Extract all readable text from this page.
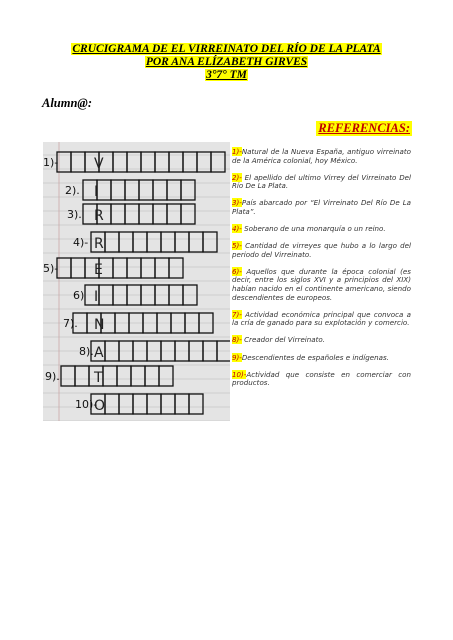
CRUCIGRAMA DE EL VIRREINATO DEL RÍO DE LA PLATA
POR ANA ELÍZABETH GIRVES
3°7° TM
Alumn@:
REFERENCIAS:
1)-
2).
3).
4)-
5)-
6)
7).
8).
9).
10)-
V
I
R
R
E
I
N
A
T
O

1)-Natural de la Nueva España, antiguo virreinato de la América colonial, hoy México.

2)- El apellido del ultimo Virrey del Virreinato Del Río De La Plata.

3)-País abarcado por “El Virreinato Del Río De La Plata”.

4)- Soberano de una monarquía o un reino.

5)- Cantidad de virreyes que hubo a lo largo del periodo del Virreinato.

6)- Aquellos que durante la época colonial (es decir, entre los siglos XVI y a principios del XIX) habían nacido en el continente americano, siendo descendientes de europeos.

7)- Actividad económica principal que convoca a la cría de ganado para su explotación y comercio.

8)- Creador del Virreinato.

9)-Descendientes de españoles e indígenas.

10)-Actividad que consiste en comerciar con productos.
